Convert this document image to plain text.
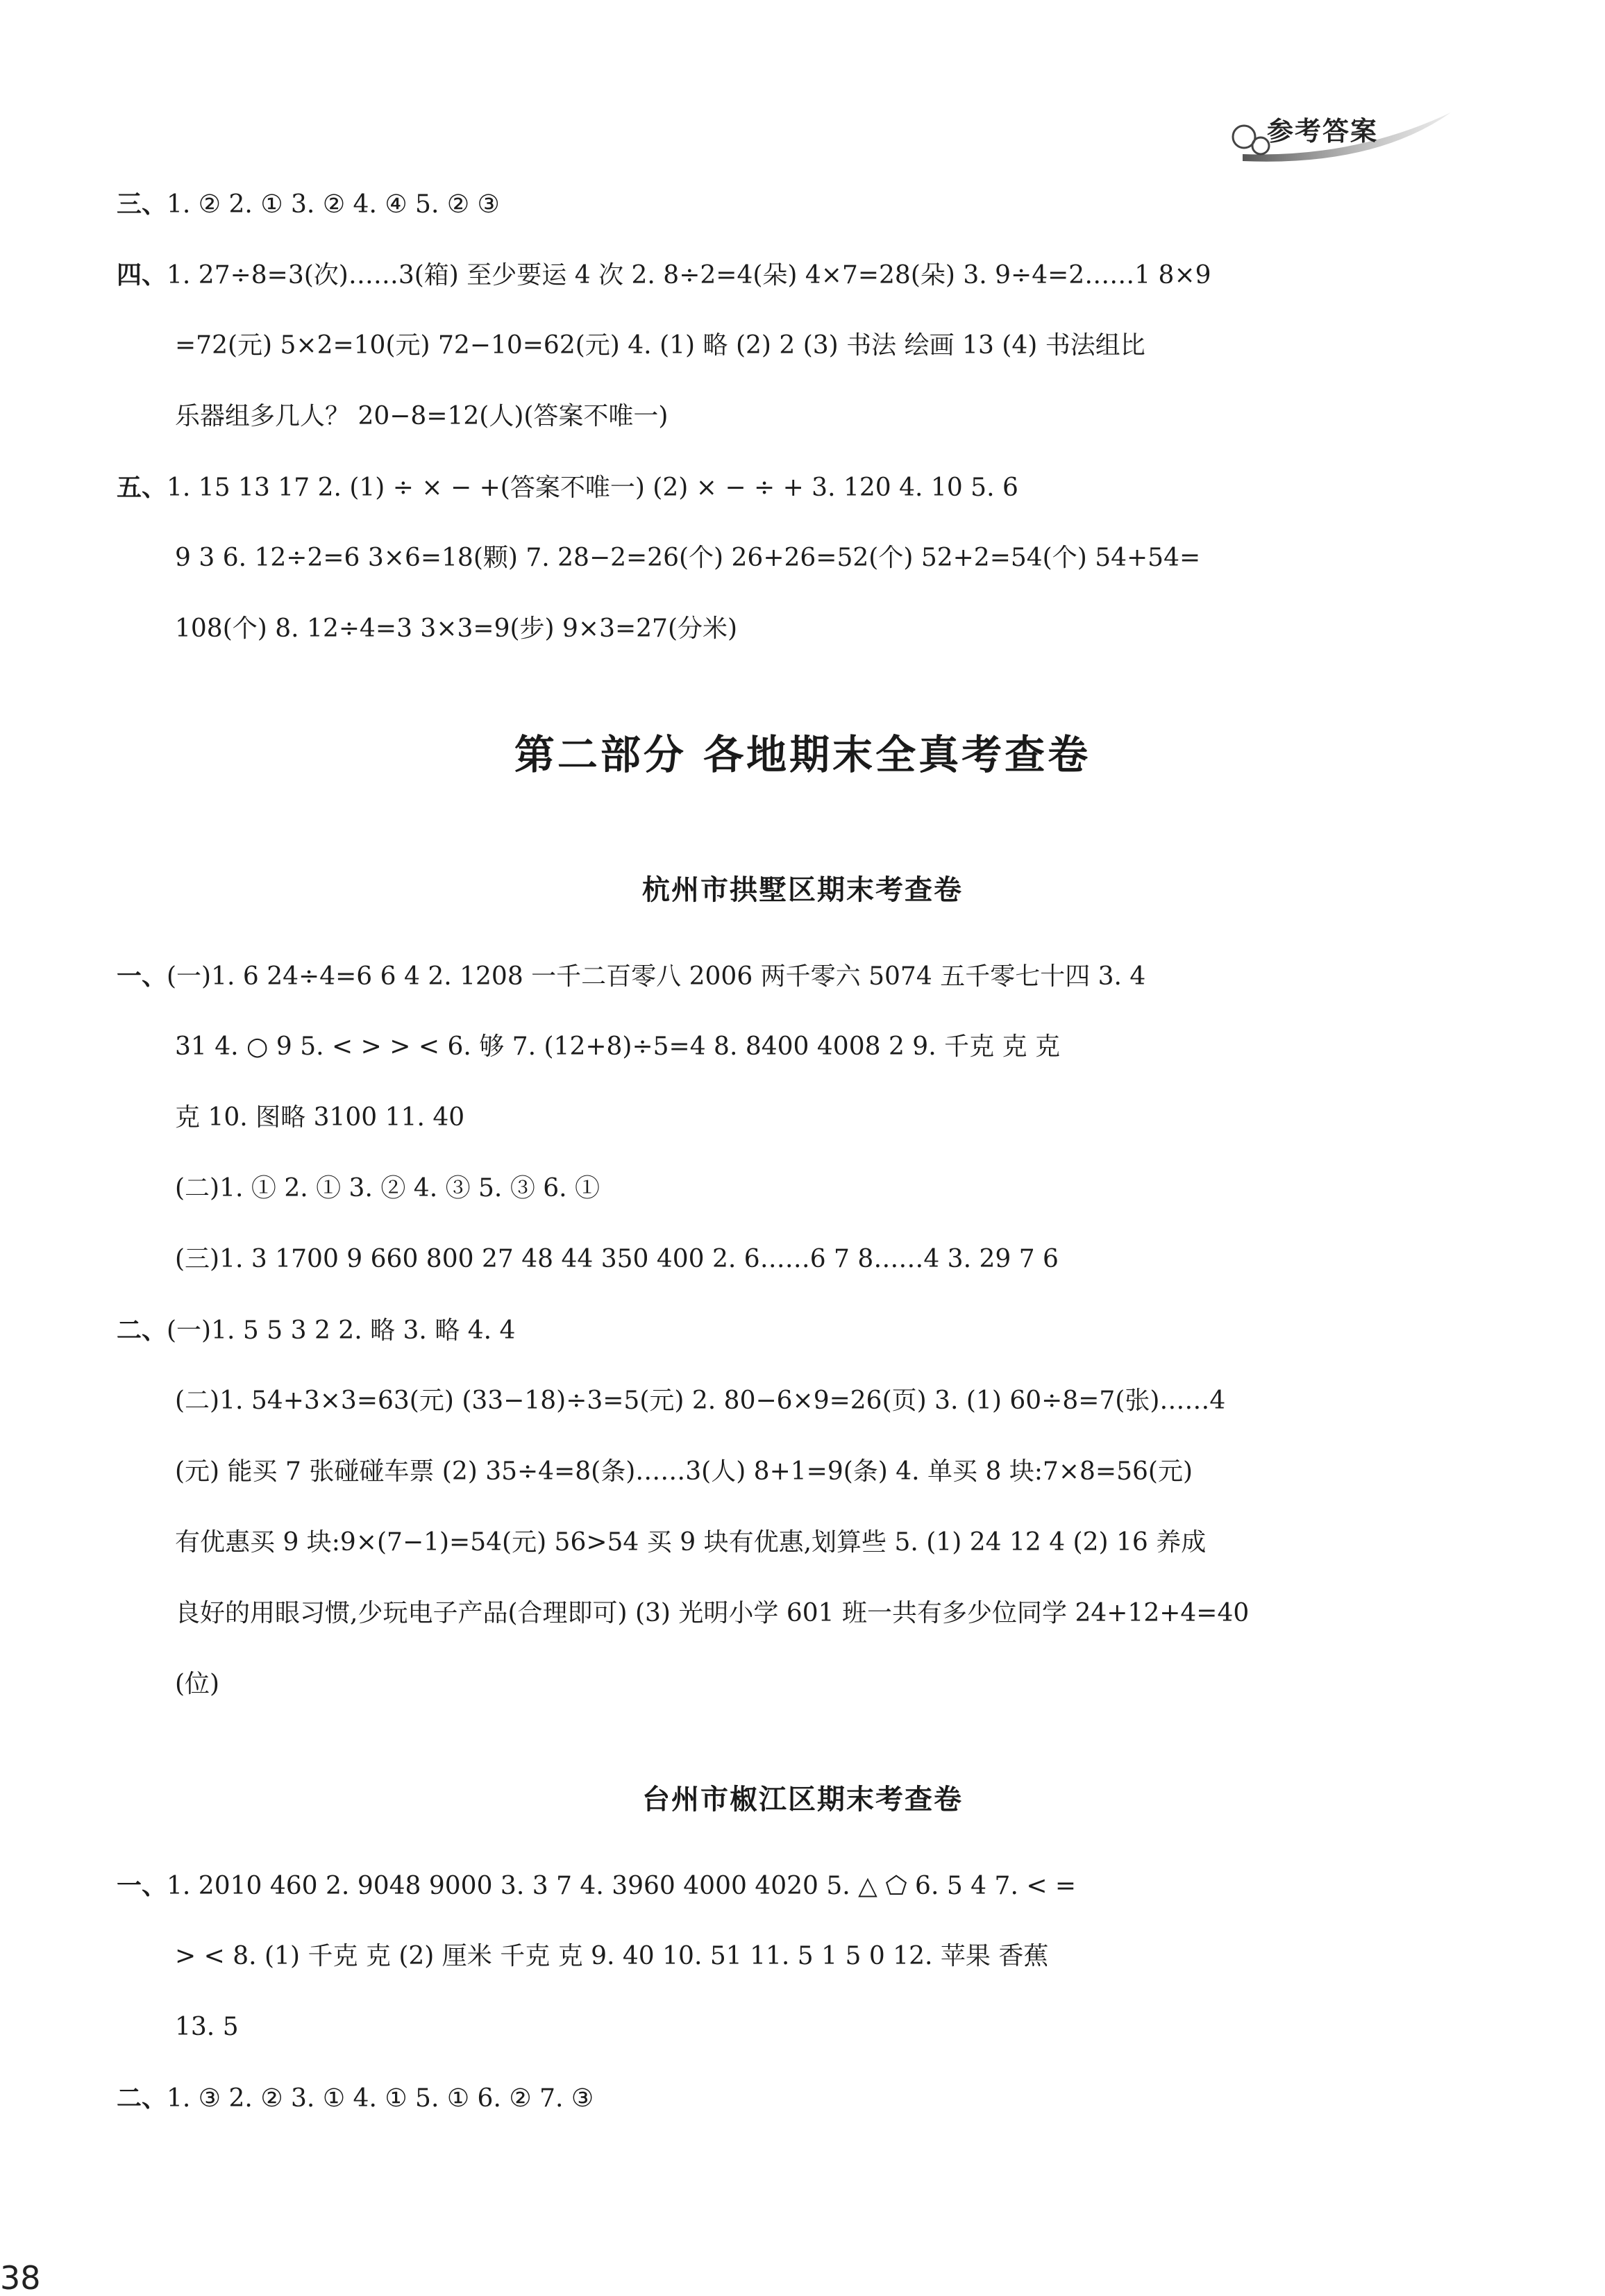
参考答案
三、1. ② 2. ① 3. ② 4. ④ 5. ② ③
四、1. 27÷8=3(次)……3(箱) 至少要运 4 次 2. 8÷2=4(朵) 4×7=28(朵) 3. 9÷4=2……1 8×9
=72(元) 5×2=10(元) 72−10=62(元) 4. (1) 略 (2) 2 (3) 书法 绘画 13 (4) 书法组比
乐器组多几人？ 20−8=12(人)(答案不唯一)
五、1. 15 13 17 2. (1) ÷ × − +(答案不唯一) (2) × − ÷ + 3. 120 4. 10 5. 6
9 3 6. 12÷2=6 3×6=18(颗) 7. 28−2=26(个) 26+26=52(个) 52+2=54(个) 54+54=
108(个) 8. 12÷4=3 3×3=9(步) 9×3=27(分米)
第二部分 各地期末全真考查卷
杭州市拱墅区期末考查卷
一、(一)1. 6 24÷4=6 6 4 2. 1208 一千二百零八 2006 两千零六 5074 五千零七十四 3. 4
31 4. ○ 9 5. < > > < 6. 够 7. (12+8)÷5=4 8. 8400 4008 2 9. 千克 克 克
克 10. 图略 3100 11. 40
(二)1. ① 2. ① 3. ② 4. ③ 5. ③ 6. ①
(三)1. 3 1700 9 660 800 27 48 44 350 400 2. 6……6 7 8……4 3. 29 7 6
二、(一)1. 5 5 3 2 2. 略 3. 略 4. 4
(二)1. 54+3×3=63(元) (33−18)÷3=5(元) 2. 80−6×9=26(页) 3. (1) 60÷8=7(张)……4
(元) 能买 7 张碰碰车票 (2) 35÷4=8(条)……3(人) 8+1=9(条) 4. 单买 8 块:7×8=56(元)
有优惠买 9 块:9×(7−1)=54(元) 56>54 买 9 块有优惠,划算些 5. (1) 24 12 4 (2) 16 养成
良好的用眼习惯,少玩电子产品(合理即可) (3) 光明小学 601 班一共有多少位同学 24+12+4=40
(位)
台州市椒江区期末考查卷
一、1. 2010 460 2. 9048 9000 3. 3 7 4. 3960 4000 4020 5. △ ⬠ 6. 5 4 7. < =
> < 8. (1) 千克 克 (2) 厘米 千克 克 9. 40 10. 51 11. 5 1 5 0 12. 苹果 香蕉
13. 5
二、1. ③ 2. ② 3. ① 4. ① 5. ① 6. ② 7. ③
38
